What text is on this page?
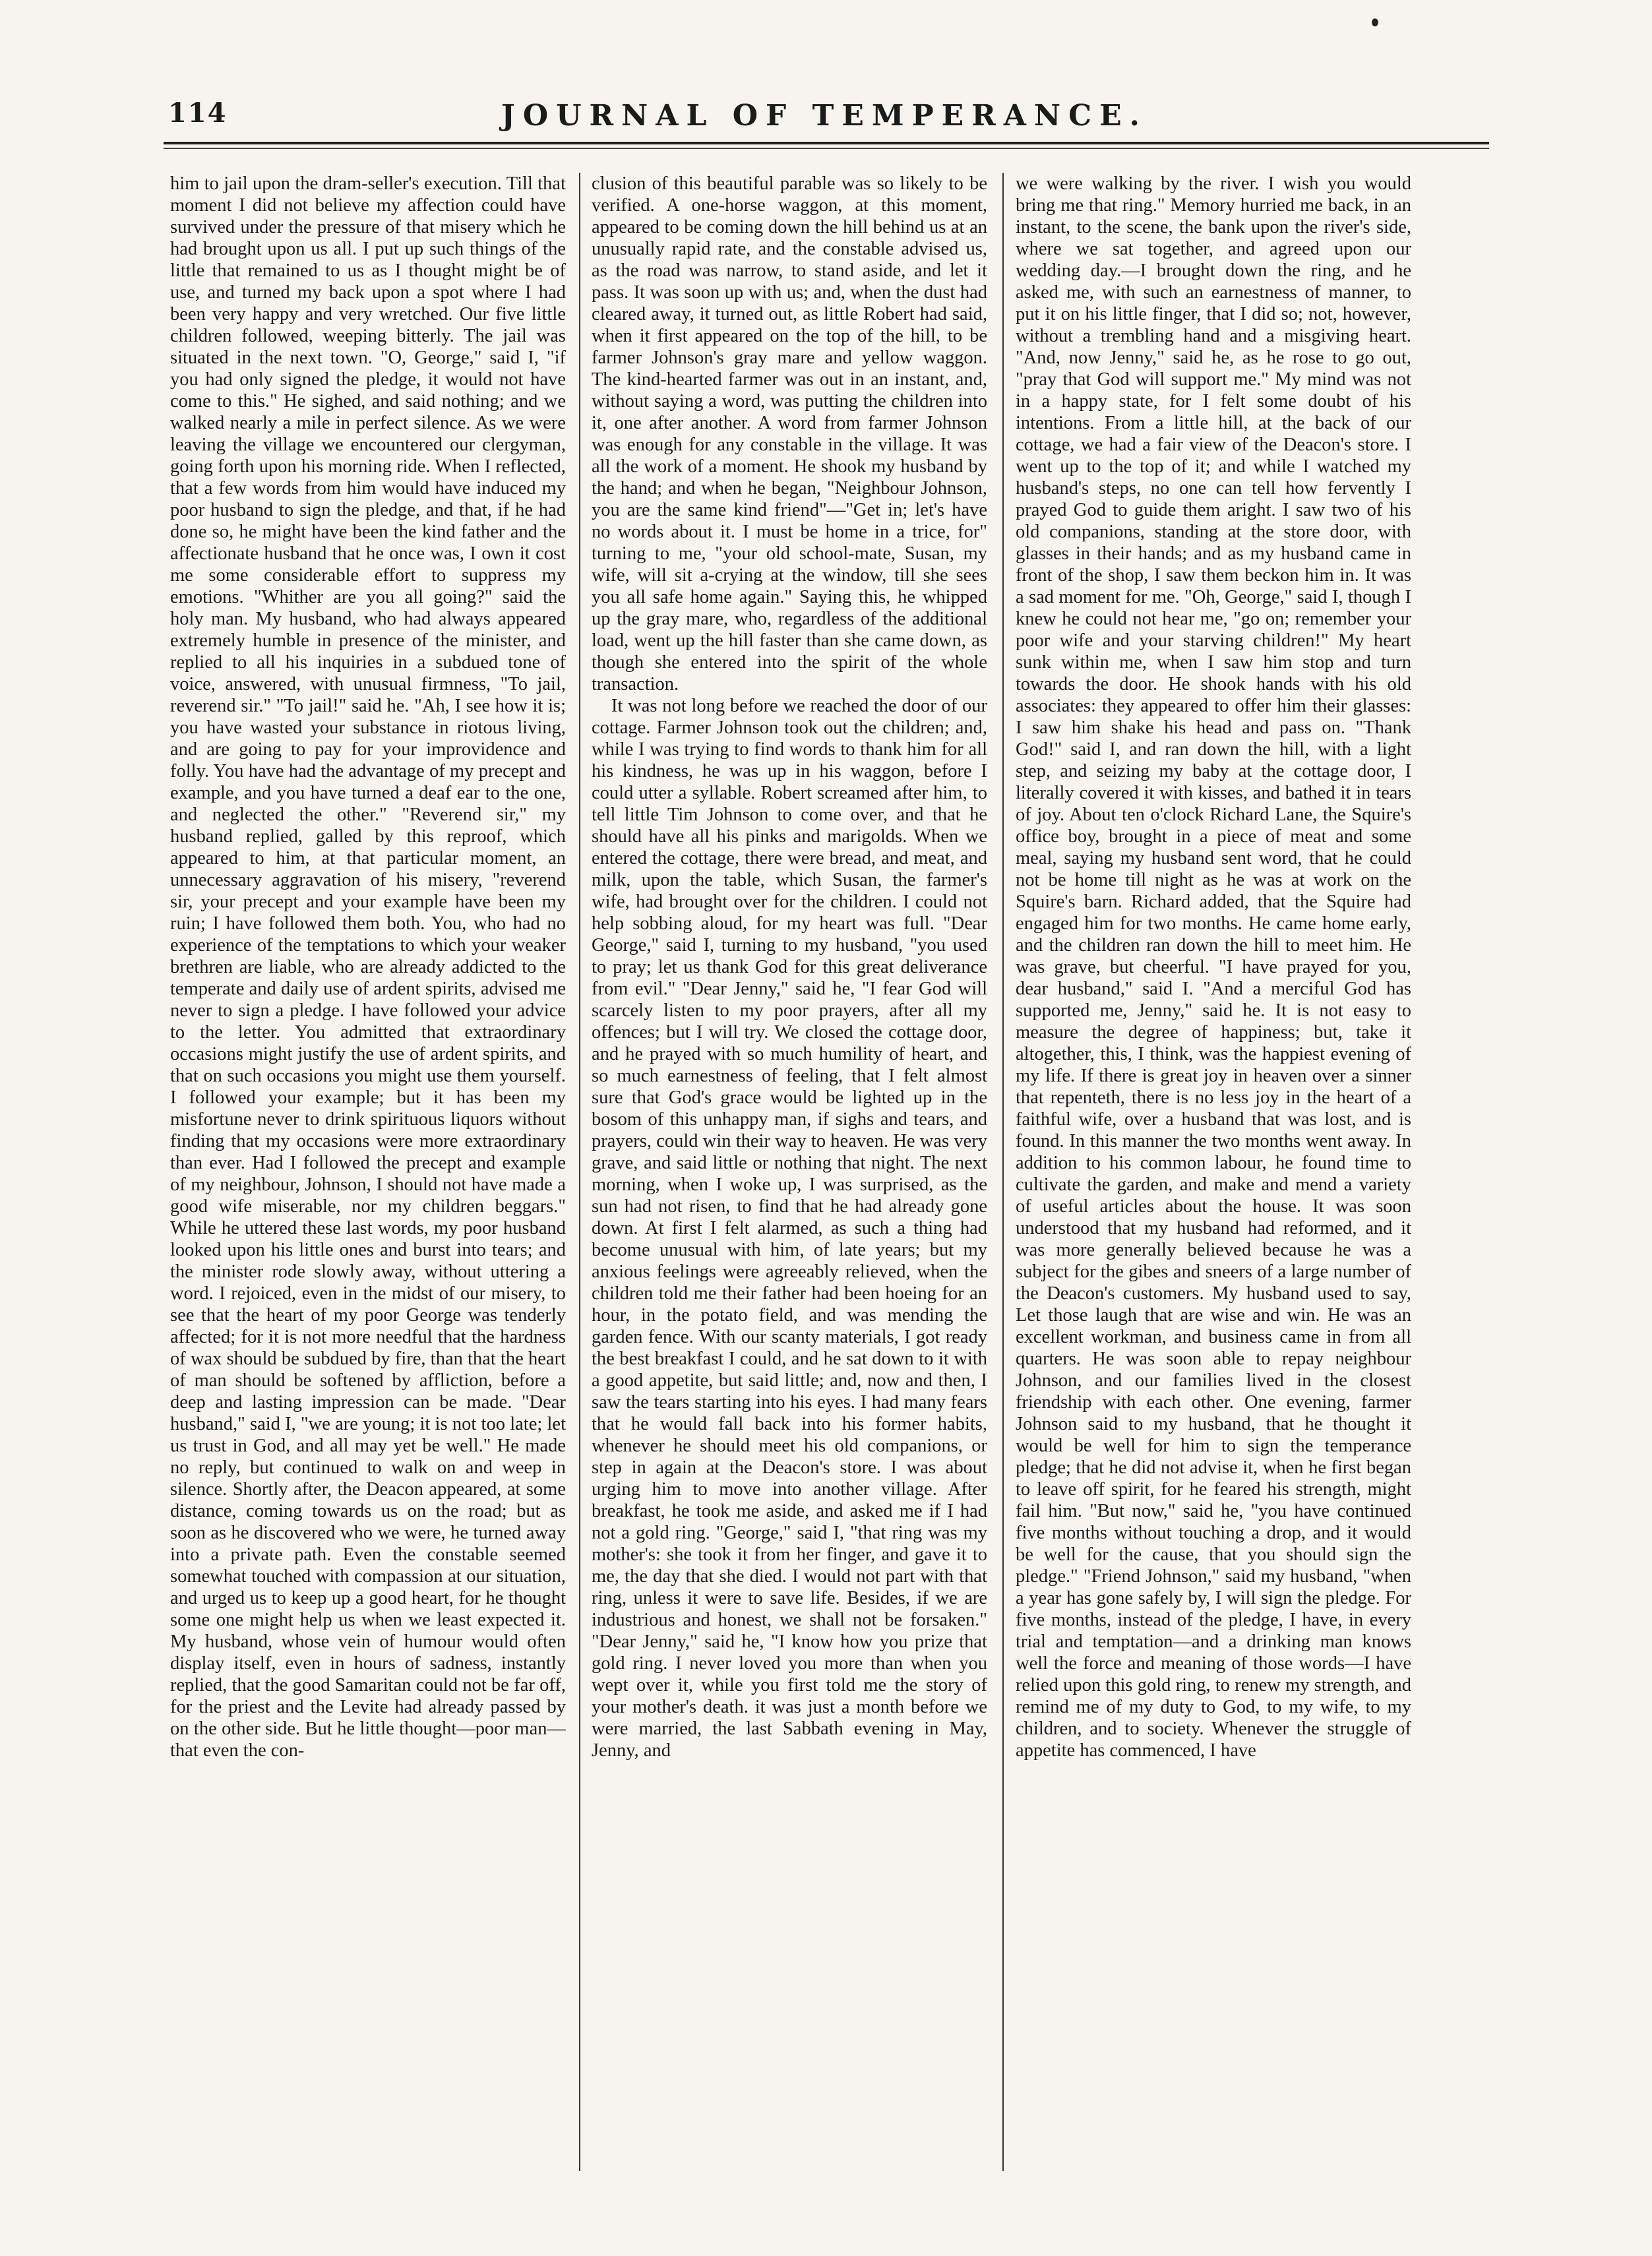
114	JOURNAL OF TEMPERANCE.

him to jail upon the dram-seller's execution. Till that moment I did not believe my affection could have survived under the pressure of that misery which he had brought upon us all. I put up such things of the little that remained to us as I thought might be of use, and turned my back upon a spot where I had been very happy and very wretched. Our five little children followed, weeping bitterly. The jail was situated in the next town. "O, George," said I, "if you had only signed the pledge, it would not have come to this." He sighed, and said nothing; and we walked nearly a mile in perfect silence. As we were leaving the village we encountered our clergyman, going forth upon his morning ride. When I reflected, that a few words from him would have induced my poor husband to sign the pledge, and that, if he had done so, he might have been the kind father and the affectionate husband that he once was, I own it cost me some considerable effort to suppress my emotions. "Whither are you all going?" said the holy man. My husband, who had always appeared extremely humble in presence of the minister, and replied to all his inquiries in a subdued tone of voice, answered, with unusual firmness, "To jail, reverend sir." "To jail!" said he. "Ah, I see how it is; you have wasted your substance in riotous living, and are going to pay for your improvidence and folly. You have had the advantage of my precept and example, and you have turned a deaf ear to the one, and neglected the other." "Reverend sir," my husband replied, galled by this reproof, which appeared to him, at that particular moment, an unnecessary aggravation of his misery, "reverend sir, your precept and your example have been my ruin; I have followed them both. You, who had no experience of the temptations to which your weaker brethren are liable, who are already addicted to the temperate and daily use of ardent spirits, advised me never to sign a pledge. I have followed your advice to the letter. You admitted that extraordinary occasions might justify the use of ardent spirits, and that on such occasions you might use them yourself. I followed your example; but it has been my misfortune never to drink spirituous liquors without finding that my occasions were more extraordinary than ever. Had I followed the precept and example of my neighbour, Johnson, I should not have made a good wife miserable, nor my children beggars." While he uttered these last words, my poor husband looked upon his little ones and burst into tears; and the minister rode slowly away, without uttering a word. I rejoiced, even in the midst of our misery, to see that the heart of my poor George was tenderly affected; for it is not more needful that the hardness of wax should be subdued by fire, than that the heart of man should be softened by affliction, before a deep and lasting impression can be made. "Dear husband," said I, "we are young; it is not too late; let us trust in God, and all may yet be well." He made no reply, but continued to walk on and weep in silence. Shortly after, the Deacon appeared, at some distance, coming towards us on the road; but as soon as he discovered who we were, he turned away into a private path. Even the constable seemed somewhat touched with compassion at our situation, and urged us to keep up a good heart, for he thought some one might help us when we least expected it. My husband, whose vein of humour would often display itself, even in hours of sadness, instantly replied, that the good Samaritan could not be far off, for the priest and the Levite had already passed by on the other side. But he little thought—poor man—that even the con-

clusion of this beautiful parable was so likely to be verified. A one-horse waggon, at this moment, appeared to be coming down the hill behind us at an unusually rapid rate, and the constable advised us, as the road was narrow, to stand aside, and let it pass. It was soon up with us; and, when the dust had cleared away, it turned out, as little Robert had said, when it first appeared on the top of the hill, to be farmer Johnson's gray mare and yellow waggon. The kind-hearted farmer was out in an instant, and, without saying a word, was putting the children into it, one after another. A word from farmer Johnson was enough for any constable in the village. It was all the work of a moment. He shook my husband by the hand; and when he began, "Neighbour Johnson, you are the same kind friend"—"Get in; let's have no words about it. I must be home in a trice, for" turning to me, "your old school-mate, Susan, my wife, will sit a-crying at the window, till she sees you all safe home again." Saying this, he whipped up the gray mare, who, regardless of the additional load, went up the hill faster than she came down, as though she entered into the spirit of the whole transaction.

It was not long before we reached the door of our cottage. Farmer Johnson took out the children; and, while I was trying to find words to thank him for all his kindness, he was up in his waggon, before I could utter a syllable. Robert screamed after him, to tell little Tim Johnson to come over, and that he should have all his pinks and marigolds. When we entered the cottage, there were bread, and meat, and milk, upon the table, which Susan, the farmer's wife, had brought over for the children. I could not help sobbing aloud, for my heart was full. "Dear George," said I, turning to my husband, "you used to pray; let us thank God for this great deliverance from evil." "Dear Jenny," said he, "I fear God will scarcely listen to my poor prayers, after all my offences; but I will try. We closed the cottage door, and he prayed with so much humility of heart, and so much earnestness of feeling, that I felt almost sure that God's grace would be lighted up in the bosom of this unhappy man, if sighs and tears, and prayers, could win their way to heaven. He was very grave, and said little or nothing that night. The next morning, when I woke up, I was surprised, as the sun had not risen, to find that he had already gone down. At first I felt alarmed, as such a thing had become unusual with him, of late years; but my anxious feelings were agreeably relieved, when the children told me their father had been hoeing for an hour, in the potato field, and was mending the garden fence. With our scanty materials, I got ready the best breakfast I could, and he sat down to it with a good appetite, but said little; and, now and then, I saw the tears starting into his eyes. I had many fears that he would fall back into his former habits, whenever he should meet his old companions, or step in again at the Deacon's store. I was about urging him to move into another village. After breakfast, he took me aside, and asked me if I had not a gold ring. "George," said I, "that ring was my mother's: she took it from her finger, and gave it to me, the day that she died. I would not part with that ring, unless it were to save life. Besides, if we are industrious and honest, we shall not be forsaken." "Dear Jenny," said he, "I know how you prize that gold ring. I never loved you more than when you wept over it, while you first told me the story of your mother's death. it was just a month before we were married, the last Sabbath evening in May, Jenny, and

we were walking by the river. I wish you would bring me that ring." Memory hurried me back, in an instant, to the scene, the bank upon the river's side, where we sat together, and agreed upon our wedding day.—I brought down the ring, and he asked me, with such an earnestness of manner, to put it on his little finger, that I did so; not, however, without a trembling hand and a misgiving heart. "And, now Jenny," said he, as he rose to go out, "pray that God will support me." My mind was not in a happy state, for I felt some doubt of his intentions. From a little hill, at the back of our cottage, we had a fair view of the Deacon's store. I went up to the top of it; and while I watched my husband's steps, no one can tell how fervently I prayed God to guide them aright. I saw two of his old companions, standing at the store door, with glasses in their hands; and as my husband came in front of the shop, I saw them beckon him in. It was a sad moment for me. "Oh, George," said I, though I knew he could not hear me, "go on; remember your poor wife and your starving children!" My heart sunk within me, when I saw him stop and turn towards the door. He shook hands with his old associates: they appeared to offer him their glasses: I saw him shake his head and pass on. "Thank God!" said I, and ran down the hill, with a light step, and seizing my baby at the cottage door, I literally covered it with kisses, and bathed it in tears of joy. About ten o'clock Richard Lane, the Squire's office boy, brought in a piece of meat and some meal, saying my husband sent word, that he could not be home till night as he was at work on the Squire's barn. Richard added, that the Squire had engaged him for two months. He came home early, and the children ran down the hill to meet him. He was grave, but cheerful. "I have prayed for you, dear husband," said I. "And a merciful God has supported me, Jenny," said he. It is not easy to measure the degree of happiness; but, take it altogether, this, I think, was the happiest evening of my life. If there is great joy in heaven over a sinner that repenteth, there is no less joy in the heart of a faithful wife, over a husband that was lost, and is found. In this manner the two months went away. In addition to his common labour, he found time to cultivate the garden, and make and mend a variety of useful articles about the house. It was soon understood that my husband had reformed, and it was more generally believed because he was a subject for the gibes and sneers of a large number of the Deacon's customers. My husband used to say, Let those laugh that are wise and win. He was an excellent workman, and business came in from all quarters. He was soon able to repay neighbour Johnson, and our families lived in the closest friendship with each other. One evening, farmer Johnson said to my husband, that he thought it would be well for him to sign the temperance pledge; that he did not advise it, when he first began to leave off spirit, for he feared his strength, might fail him. "But now," said he, "you have continued five months without touching a drop, and it would be well for the cause, that you should sign the pledge." "Friend Johnson," said my husband, "when a year has gone safely by, I will sign the pledge. For five months, instead of the pledge, I have, in every trial and temptation—and a drinking man knows well the force and meaning of those words—I have relied upon this gold ring, to renew my strength, and remind me of my duty to God, to my wife, to my children, and to society. Whenever the struggle of appetite has commenced, I have
